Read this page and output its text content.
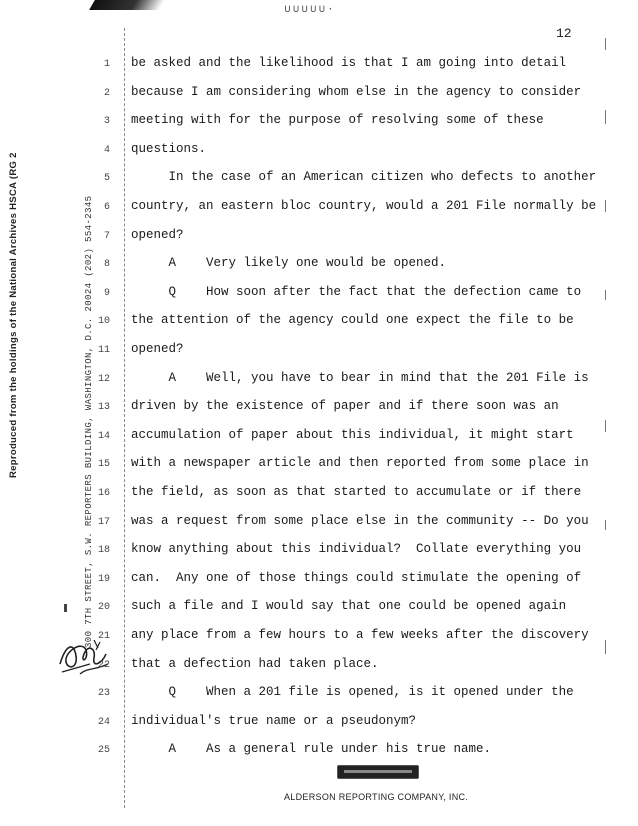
∪∪∪∪∪·
12
Reproduced from the holdings of the National Archives HSCA (RG 2	300 7TH STREET, S.W. REPORTERS BUILDING, WASHINGTON, D.C. 20024 (202) 554-2345
1 be asked and the likelihood is that I am going into detail
2 because I am considering whom else in the agency to consider
3 meeting with for the purpose of resolving some of these
4 questions.
5 In the case of an American citizen who defects to another
6 country, an eastern bloc country, would a 201 File normally be
7 opened?
8 A    Very likely one would be opened.
9 Q    How soon after the fact that the defection came to
10 the attention of the agency could one expect the file to be
11 opened?
12 A    Well, you have to bear in mind that the 201 File is
13 driven by the existence of paper and if there soon was an
14 accumulation of paper about this individual, it might start
15 with a newspaper article and then reported from some place in
16 the field, as soon as that started to accumulate or if there
17 was a request from some place else in the community -- Do you
18 know anything about this individual?  Collate everything you
19 can.  Any one of those things could stimulate the opening of
20 such a file and I would say that one could be opened again
21 any place from a few hours to a few weeks after the discovery
22 that a defection had taken place.
23 Q    When a 201 file is opened, is it opened under the
24 individual's true name or a pseudonym?
25 A    As a general rule under his true name.
ALDERSON REPORTING COMPANY, INC.
